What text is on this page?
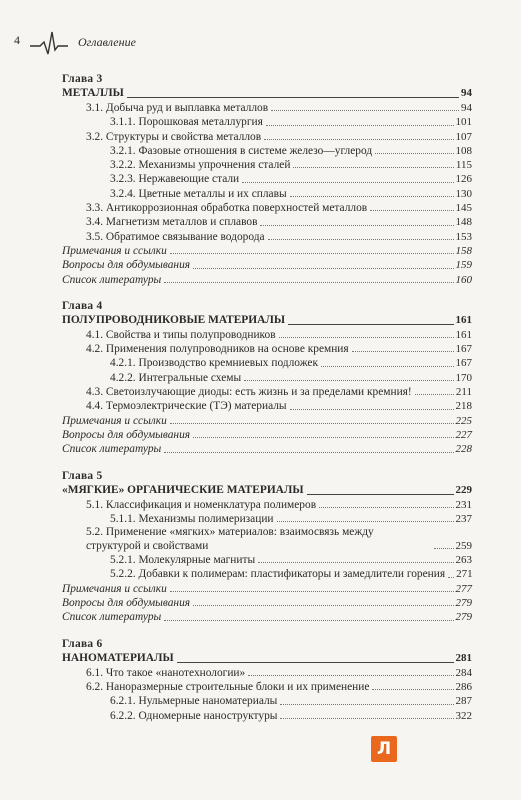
4	Оглавление
Глава 3
МЕТАЛЛЫ	94
3.1. Добыча руд и выплавка металлов	94
3.1.1. Порошковая металлургия	101
3.2. Структуры и свойства металлов	107
3.2.1. Фазовые отношения в системе железо—углерод	108
3.2.2. Механизмы упрочнения сталей	115
3.2.3. Нержавеющие стали	126
3.2.4. Цветные металлы и их сплавы	130
3.3. Антикоррозионная обработка поверхностей металлов	145
3.4. Магнетизм металлов и сплавов	148
3.5. Обратимое связывание водорода	153
Примечания и ссылки	158
Вопросы для обдумывания	159
Список литературы	160
Глава 4
ПОЛУПРОВОДНИКОВЫЕ МАТЕРИАЛЫ	161
4.1. Свойства и типы полупроводников	161
4.2. Применения полупроводников на основе кремния	167
4.2.1. Производство кремниевых подложек	167
4.2.2. Интегральные схемы	170
4.3. Светоизлучающие диоды: есть жизнь и за пределами кремния!	211
4.4. Термоэлектрические (ТЭ) материалы	218
Примечания и ссылки	225
Вопросы для обдумывания	227
Список литературы	228
Глава 5
«МЯГКИЕ» ОРГАНИЧЕСКИЕ МАТЕРИАЛЫ	229
5.1. Классификация и номенклатура полимеров	231
5.1.1. Механизмы полимеризации	237
5.2. Применение «мягких» материалов: взаимосвязь между структурой и свойствами	259
5.2.1. Молекулярные магниты	263
5.2.2. Добавки к полимерам: пластификаторы и замедлители горения 271
Примечания и ссылки	277
Вопросы для обдумывания	279
Список литературы	279
Глава 6
НАНОМАТЕРИАЛЫ	281
6.1. Что такое «нанотехнологии»	284
6.2. Наноразмерные строительные блоки и их применение	286
6.2.1. Нульмерные наноматериалы	287
6.2.2. Одномерные наноструктуры	322
Л
